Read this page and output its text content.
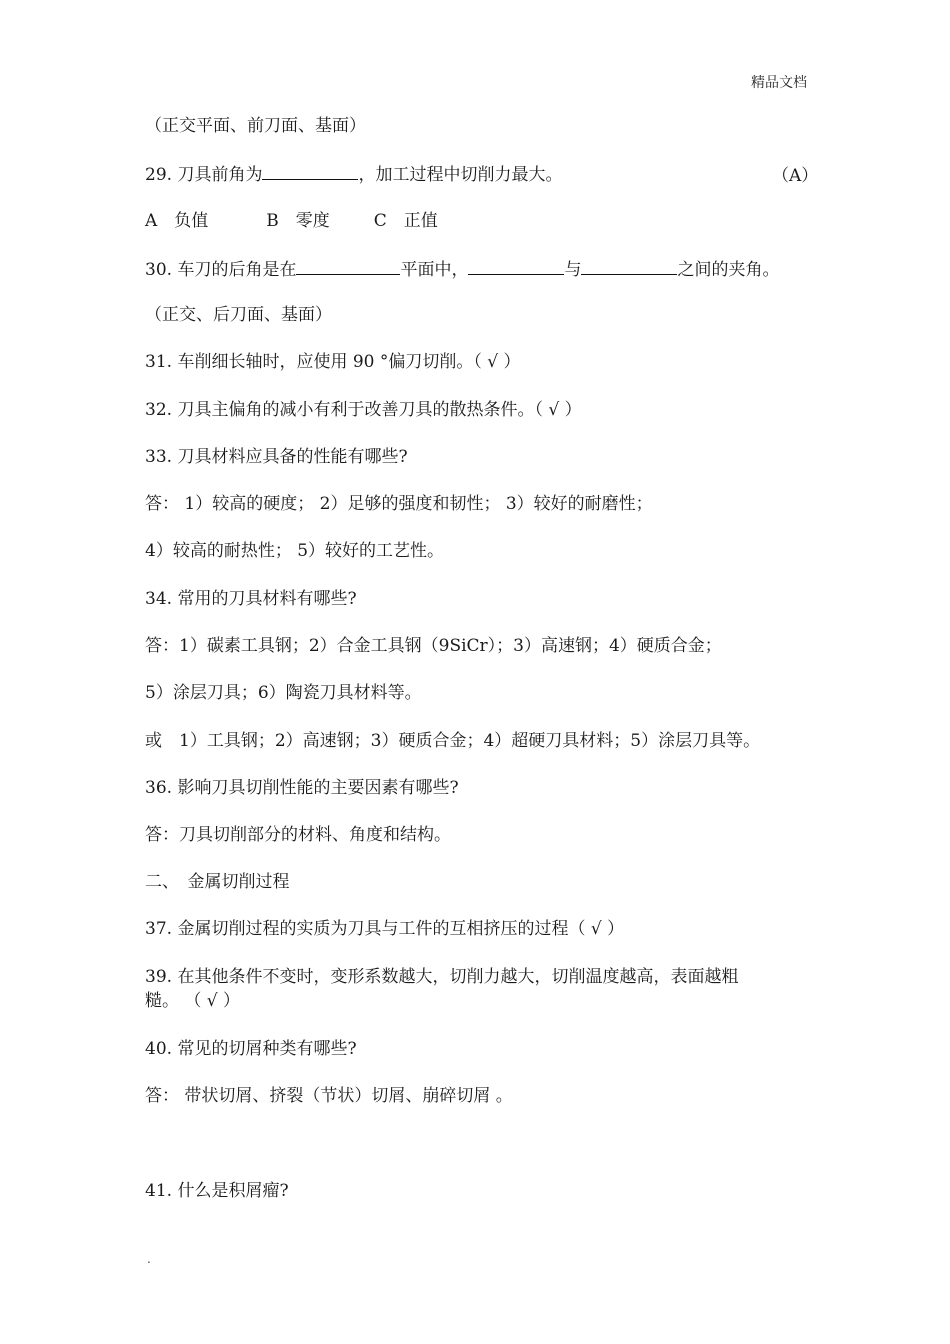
精品文档
（正交平面、前刀面、基面）
29. 刀具前角为	，加工过程中切削力最大。	（A）
A　负值	B　零度	C　正值
30. 车刀的后角是在	平面中，	与	之间的夹角。
（正交、后刀面、基面）
31. 车削细长轴时，应使用 90 °偏刀切削。（ √ ）
32. 刀具主偏角的减小有利于改善刀具的散热条件。（ √ ）
33. 刀具材料应具备的性能有哪些?
答： 1）较高的硬度； 2）足够的强度和韧性； 3）较好的耐磨性；
4）较高的耐热性； 5）较好的工艺性。
34. 常用的刀具材料有哪些?
答：1）碳素工具钢；2）合金工具钢（9SiCr）；3）高速钢；4）硬质合金；
5）涂层刀具；6）陶瓷刀具材料等。
或　1）工具钢；2）高速钢；3）硬质合金；4）超硬刀具材料；5）涂层刀具等。
36. 影响刀具切削性能的主要因素有哪些?
答：刀具切削部分的材料、角度和结构。
二、　金属切削过程
37. 金属切削过程的实质为刀具与工件的互相挤压的过程（ √ ）
39. 在其他条件不变时，变形系数越大，切削力越大，切削温度越高，表面越粗
糙。 （ √ ）
40. 常见的切屑种类有哪些?
答： 带状切屑、挤裂（节状）切屑、崩碎切屑 。
41. 什么是积屑瘤?
.
